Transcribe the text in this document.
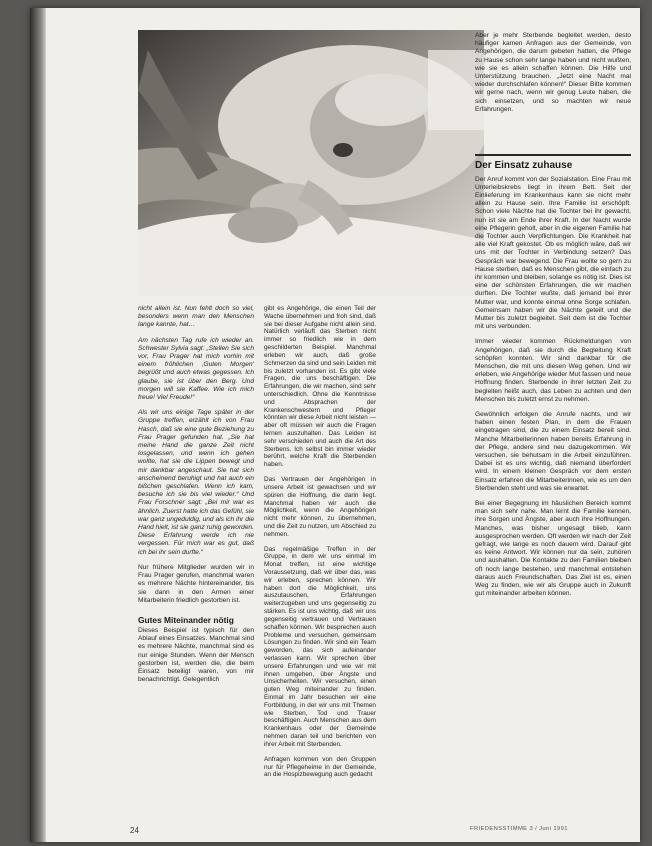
nicht allein ist. Nun fehlt doch so viel, besonders wenn man den Menschen lange kannte, hat…

Am nächsten Tag rufe ich wieder an. Schwester Sylvia sagt: „Stellen Sie sich vor, Frau Prager hat mich vorhin mit einem fröhlichen ‚Guten Morgen‘ begrüßt und auch etwas gegessen. Ich glaube, sie ist über den Berg. Und morgen will sie Kaffee. Wie ich mich freue! Viel Freude!“

Als wir uns einige Tage später in der Gruppe treffen, erzählt ich von Frau Hasch, daß sie eine gute Beziehung zu Frau Prager gefunden hat. „Sie hat meine Hand die ganze Zeit nicht losgelassen, und wenn ich gehen wollte, hat sie die Lippen bewegt und mir dankbar angeschaut. Sie hat sich anscheinend beruhigt und hat auch ein bißchen geschlafen. Wenn ich kam, besuche ich sie bis viel wieder.“ Und Frau Forschner sagt: „Bei mir war es ähnlich. Zuerst hatte ich das Gefühl, sie war ganz ungeduldig, und als ich ihr die Hand hielt, ist sie ganz ruhig geworden. Diese Erfahrung werde ich nie vergessen. Für mich war es gut, daß ich bei ihr sein durfte.“

Nur frühere Mitglieder wurden wir in Frau Prager gerufen, manchmal waren es mehrere Nächte hintereinander, bis sie dann in den Armen einer Mitarbeiterin friedlich gestorben ist.

Gutes Miteinander nötig

Dieses Beispiel ist typisch für den Ablauf eines Einsatzes. Manchmal sind es mehrere Nächte, manchmal sind es nur einige Stunden. Wenn der Mensch gestorben ist, werden die, die beim Einsatz beteiligt waren, von mir benachrichtigt. Gelegentlich

gibt es Angehörige, die einen Teil der Wache übernehmen und froh sind, daß sie bei dieser Aufgabe nicht allein sind. Natürlich verläuft das Sterben nicht immer so friedlich wie in dem geschilderten Beispiel. Manchmal erleben wir auch, daß große Schmerzen da sind und sein Leiden mit bis zuletzt vorhanden ist. Es gibt viele Fragen, die uns beschäftigen. Die Erfahrungen, die wir machen, sind sehr unterschiedlich. Ohne die Kenntnisse und Absprachen der Krankenschwestern und Pfleger könnten wir diese Arbeit nicht leisten — aber oft müssen wir auch die Fragen lernen auszuhalten. Das Leiden ist sehr verschieden und auch die Art des Sterbens. Ich selbst bin immer wieder berührt, welche Kraft die Sterbenden haben.

Das Vertrauen der Angehörigen in unsere Arbeit ist gewachsen und wir spüren die Hoffnung, die darin liegt. Manchmal haben wir auch die Möglichkeit, wenn die Angehörigen nicht mehr können, zu übernehmen, und die Zeit zu nutzen, um Abschied zu nehmen.

Das regelmäßige Treffen in der Gruppe, in dem wir uns einmal im Monat treffen, ist eine wichtige Voraussetzung, daß wir über das, was wir erleben, sprechen können. Wir haben dort die Möglichkeit, uns auszutauschen, Erfahrungen weiterzugeben und uns gegenseitig zu stärken. Es ist uns wichtig, daß wir uns gegenseitig vertrauen und Vertrauen schaffen können. Wir besprechen auch Probleme und versuchen, gemeinsam Lösungen zu finden. Wir sind ein Team geworden, das sich aufeinander verlassen kann. Wir sprechen über unsere Erfahrungen und wie wir mit ihnen umgehen, über Ängste und Unsicherheiten. Wir versuchen, einen guten Weg miteinander zu finden. Einmal im Jahr besuchen wir eine Fortbildung, in der wir uns mit Themen wie Sterben, Tod und Trauer beschäftigen. Auch Menschen aus dem Krankenhaus oder der Gemeinde nehmen daran teil und berichten von ihrer Arbeit mit Sterbenden.

Anfragen kommen von den Gruppen nur für Pflegeheime in der Gemeinde, an die Hospizbewegung auch gedacht

Aber je mehr Sterbende begleitet werden, desto häufiger kamen Anfragen aus der Gemeinde, von Angehörigen, die darum gebeten hatten, die Pflege zu Hause schon sehr lange haben und nicht wußten, wie sie es allein schaffen können. Die Hilfe und Unterstützung brauchen. „Jetzt eine Nacht mal wieder durchschlafen können!“ Dieser Bitte kommen wir gerne nach, wenn wir genug Leute haben, die sich einsetzen, und so machten wir neue Erfahrungen.

Der Einsatz zuhause

Der Anruf kommt von der Sozialstation. Eine Frau mit Unterleibskrebs liegt in ihrem Bett. Seit der Einlieferung im Krankenhaus kann sie nicht mehr allein zu Hause sein. Ihre Familie ist erschöpft. Schon viele Nächte hat die Tochter bei ihr gewacht, nun ist sie am Ende ihrer Kraft. In der Nacht wurde eine Pflegerin geholt, aber in die eigenen Familie hat die Tochter auch Verpflichtungen. Die Krankheit hat alle viel Kraft gekostet. Ob es möglich wäre, daß wir uns mit der Tochter in Verbindung setzen? Das Gespräch war bewegend. Die Frau wollte so gern zu Hause sterben, daß es Menschen gibt, die einfach zu ihr kommen und bleiben, solange es nötig ist. Dies ist eine der schönsten Erfahrungen, die wir machen durften. Die Tochter wußte, daß jemand bei ihrer Mutter war, und konnte einmal ohne Sorge schlafen. Gemeinsam haben wir die Nächte geteilt und die Mutter bis zuletzt begleitet. Seit dem ist die Tochter mit uns verbunden.

Immer wieder kommen Rückmeldungen von Angehörigen, daß sie durch die Begleitung Kraft schöpfen konnten. Wir sind dankbar für die Menschen, die mit uns diesen Weg gehen. Und wir erleben, wie Angehörige wieder Mut fassen und neue Hoffnung finden. Sterbende in ihrer letzten Zeit zu begleiten heißt auch, das Leben zu achten und den Menschen bis zuletzt ernst zu nehmen.

Gewöhnlich erfolgen die Anrufe nachts, und wir haben einen festen Plan, in dem die Frauen eingetragen sind, die zu einem Einsatz bereit sind. Manche Mitarbeiterinnen haben bereits Erfahrung in der Pflege, andere sind neu dazugekommen. Wir versuchen, sie behutsam in die Arbeit einzuführen. Dabei ist es uns wichtig, daß niemand überfordert wird. In einem kleinen Gespräch vor dem ersten Einsatz erfahren die Mitarbeiterinnen, wie es um den Sterbenden steht und was sie erwartet.

Bei einer Begegnung im häuslichen Bereich kommt man sich sehr nahe. Man lernt die Familie kennen, ihre Sorgen und Ängste, aber auch ihre Hoffnungen. Manches, was bisher ungesagt blieb, kann ausgesprochen werden. Oft werden wir nach der Zeit gefragt, wie lange es noch dauern wird. Darauf gibt es keine Antwort. Wir können nur da sein, zuhören und aushalten. Die Kontakte zu den Familien bleiben oft noch lange bestehen, und manchmal entstehen daraus auch Freundschaften. Das Ziel ist es, einen Weg zu finden, wie wir als Gruppe auch in Zukunft gut miteinander arbeiten können.

24	FRIEDENSSTIMME 3 / Juni 1991
